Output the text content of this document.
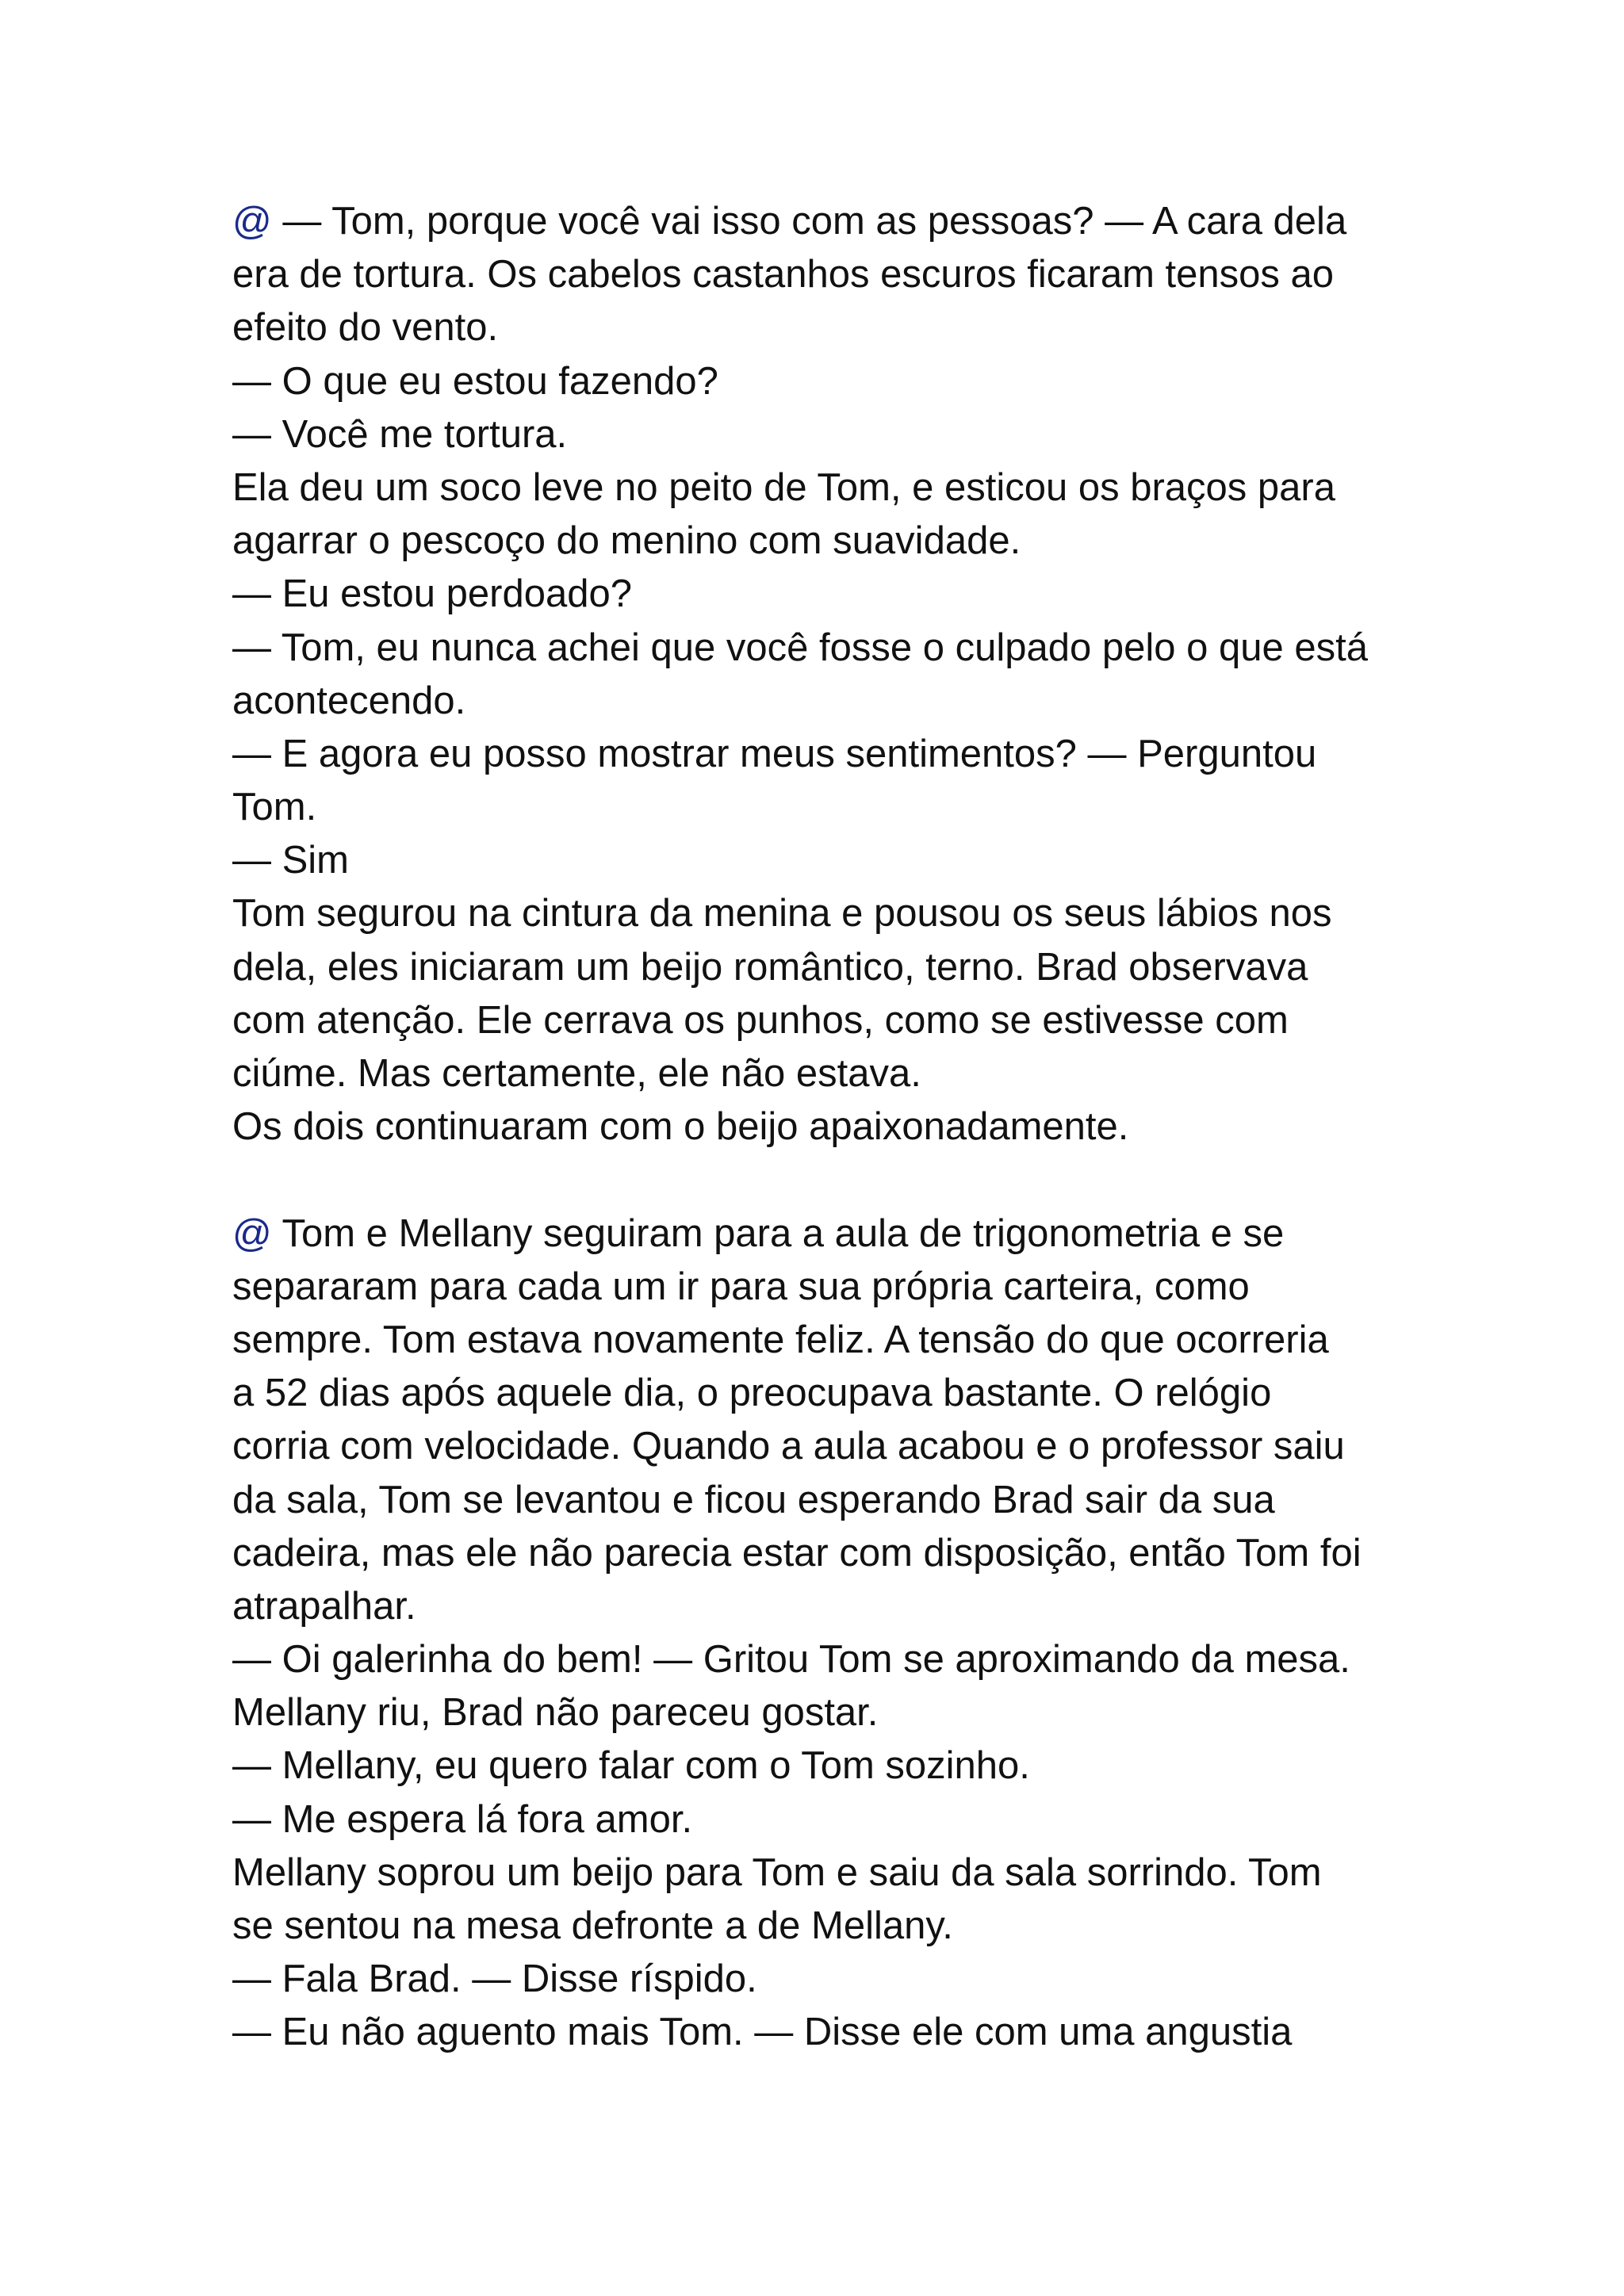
@ — Tom, porque você vai isso com as pessoas? — A cara dela
era de tortura. Os cabelos castanhos escuros ficaram tensos ao
efeito do vento.
— O que eu estou fazendo?
— Você me tortura.
Ela deu um soco leve no peito de Tom, e esticou os braços para
agarrar o pescoço do menino com suavidade.
— Eu estou perdoado?
— Tom, eu nunca achei que você fosse o culpado pelo o que está
acontecendo.
— E agora eu posso mostrar meus sentimentos? — Perguntou
Tom.
— Sim
Tom segurou na cintura da menina e pousou os seus lábios nos
dela, eles iniciaram um beijo romântico, terno. Brad observava
com atenção. Ele cerrava os punhos, como se estivesse com
ciúme. Mas certamente, ele não estava.
Os dois continuaram com o beijo apaixonadamente.
@ Tom e Mellany seguiram para a aula de trigonometria e se
separaram para cada um ir para sua própria carteira, como
sempre. Tom estava novamente feliz. A tensão do que ocorreria
a 52 dias após aquele dia, o preocupava bastante. O relógio
corria com velocidade. Quando a aula acabou e o professor saiu
da sala, Tom se levantou e ficou esperando Brad sair da sua
cadeira, mas ele não parecia estar com disposição, então Tom foi
atrapalhar.
— Oi galerinha do bem! — Gritou Tom se aproximando da mesa.
Mellany riu, Brad não pareceu gostar.
— Mellany, eu quero falar com o Tom sozinho.
— Me espera lá fora amor.
Mellany soprou um beijo para Tom e saiu da sala sorrindo. Tom
se sentou na mesa defronte a de Mellany.
— Fala Brad. — Disse ríspido.
— Eu não aguento mais Tom. — Disse ele com uma angustia
